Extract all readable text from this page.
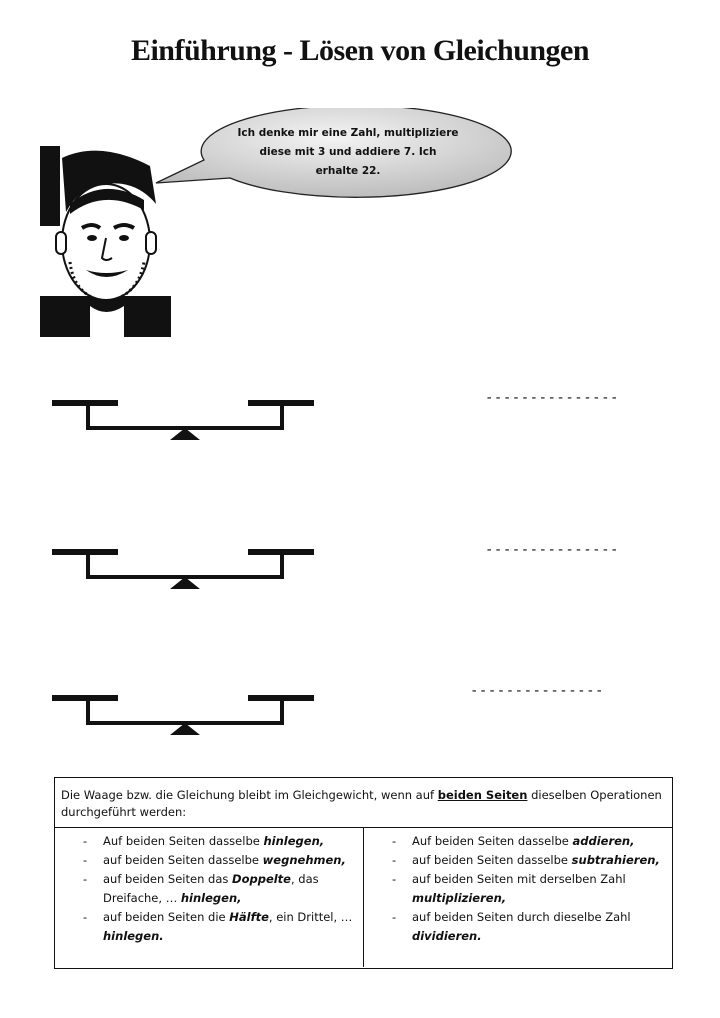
Einführung - Lösen von Gleichungen
Ich denke mir eine Zahl, multipliziere
diese mit 3 und addiere 7. Ich
erhalte 22.
---------------
---------------
---------------
Die Waage bzw. die Gleichung bleibt im Gleichgewicht, wenn auf beiden Seiten dieselben Operationen durchgeführt werden:
- Auf beiden Seiten dasselbe hinlegen,
- auf beiden Seiten dasselbe wegnehmen,
- auf beiden Seiten das Doppelte, das Dreifache, … hinlegen,
- auf beiden Seiten die Hälfte, ein Drittel, … hinlegen.
- Auf beiden Seiten dasselbe addieren,
- auf beiden Seiten dasselbe subtrahieren,
- auf beiden Seiten mit derselben Zahl multiplizieren,
- auf beiden Seiten durch dieselbe Zahl dividieren.
